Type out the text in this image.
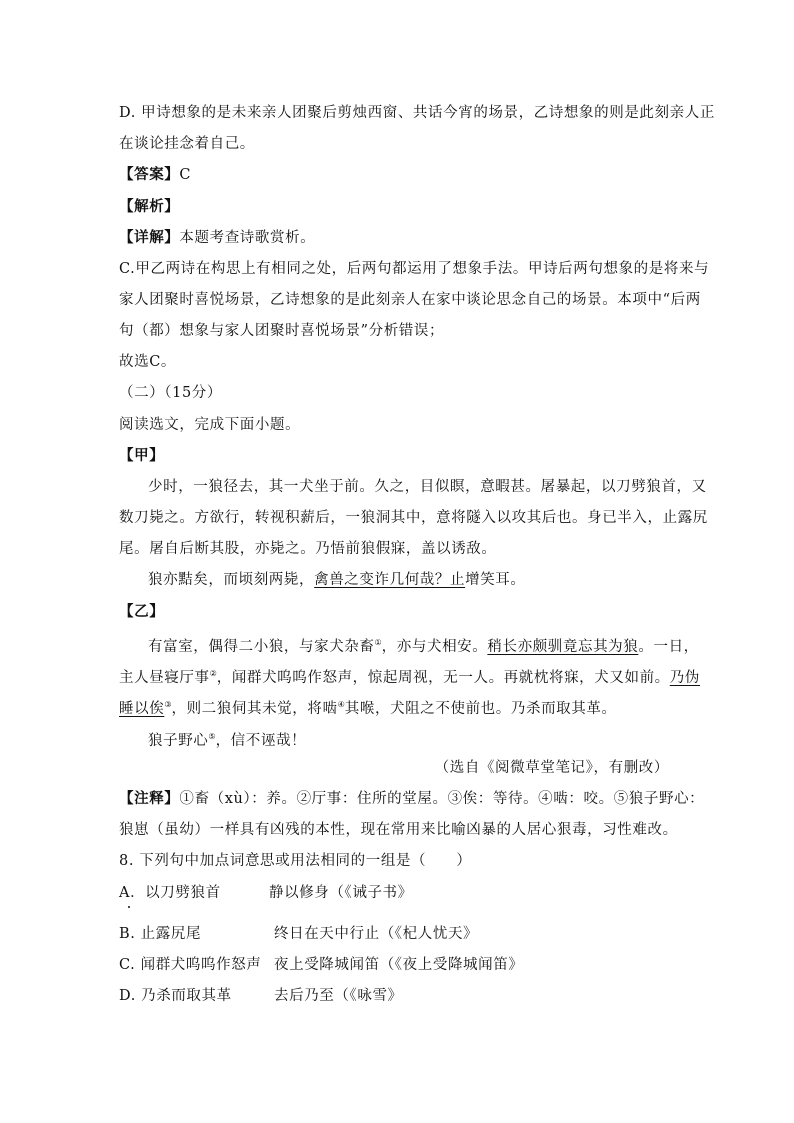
D. 甲诗想象的是未来亲人团聚后剪烛西窗、共话今宵的场景，乙诗想象的则是此刻亲人正
在谈论挂念着自己。
【答案】C
【解析】
【详解】本题考查诗歌赏析。
C.甲乙两诗在构思上有相同之处，后两句都运用了想象手法。甲诗后两句想象的是将来与
家人团聚时喜悦场景，乙诗想象的是此刻亲人在家中谈论思念自己的场景。本项中“后两
句（都）想象与家人团聚时喜悦场景”分析错误；
故选C。
（二）（15分）
阅读选文，完成下面小题。
【甲】
少时，一狼径去，其一犬坐于前。久之，目似瞑，意暇甚。屠暴起，以刀劈狼首，又
数刀毙之。方欲行，转视积薪后，一狼洞其中，意将隧入以攻其后也。身已半入，止露尻
尾。屠自后断其股，亦毙之。乃悟前狼假寐，盖以诱敌。
狼亦黠矣，而顷刻两毙，禽兽之变诈几何哉？止增笑耳。
【乙】
有富室，偶得二小狼，与家犬杂畜①，亦与犬相安。稍长亦颇驯竟忘其为狼。一日，
主人昼寝厅事②，闻群犬呜呜作怒声，惊起周视，无一人。再就枕将寐，犬又如前。乃伪
睡以俟③，则二狼伺其未觉，将啮④其喉，犬阻之不使前也。乃杀而取其革。
狼子野心⑤，信不诬哉！
（选自《阅微草堂笔记》，有删改）
【注释】①畜（xù）：养。②厅事：住所的堂屋。③俟：等待。④啮：咬。⑤狼子野心：
狼崽（虽幼）一样具有凶残的本性，现在常用来比喻凶暴的人居心狠毒，习性难改。
8. 下列句中加点词意思或用法相同的一组是（　　）
A．以刀劈狼首	静以修身（《诫子书》
B. 止露尻尾	终日在天中行止（《杞人忧天》
C. 闻群犬呜呜作怒声 夜上受降城闻笛（《夜上受降城闻笛》
D. 乃杀而取其革	去后乃至（《咏雪》
